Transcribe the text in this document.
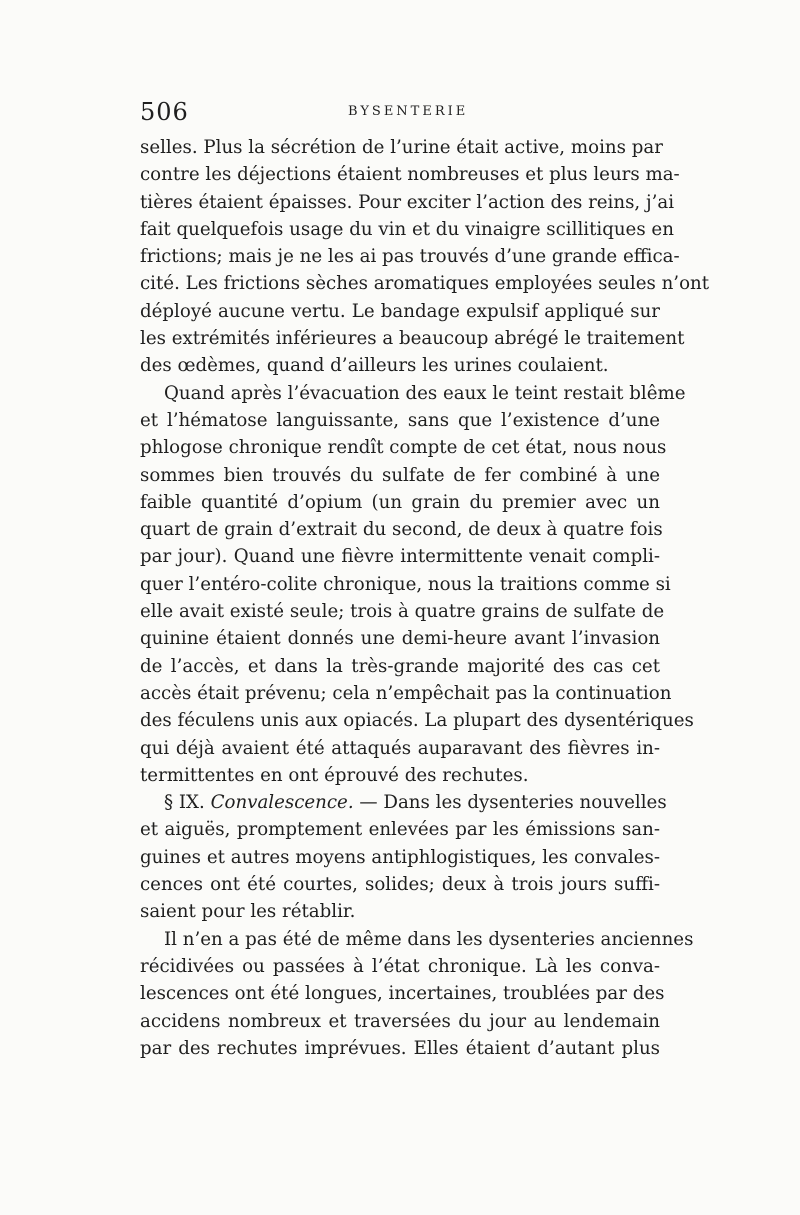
506	BYSENTERIE
selles. Plus la sécrétion de l’urine était active, moins par
contre les déjections étaient nombreuses et plus leurs ma-
tières étaient épaisses. Pour exciter l’action des reins, j’ai
fait quelquefois usage du vin et du vinaigre scillitiques en
frictions; mais je ne les ai pas trouvés d’une grande effica-
cité. Les frictions sèches aromatiques employées seules n’ont
déployé aucune vertu. Le bandage expulsif appliqué sur
les extrémités inférieures a beaucoup abrégé le traitement
des œdèmes, quand d’ailleurs les urines coulaient.
Quand après l’évacuation des eaux le teint restait blême
et l’hématose languissante, sans que l’existence d’une
phlogose chronique rendît compte de cet état, nous nous
sommes bien trouvés du sulfate de fer combiné à une
faible quantité d’opium (un grain du premier avec un
quart de grain d’extrait du second, de deux à quatre fois
par jour). Quand une fièvre intermittente venait compli-
quer l’entéro-colite chronique, nous la traitions comme si
elle avait existé seule; trois à quatre grains de sulfate de
quinine étaient donnés une demi-heure avant l’invasion
de l’accès, et dans la très-grande majorité des cas cet
accès était prévenu; cela n’empêchait pas la continuation
des féculens unis aux opiacés. La plupart des dysentériques
qui déjà avaient été attaqués auparavant des fièvres in-
termittentes en ont éprouvé des rechutes.
§ IX. Convalescence. — Dans les dysenteries nouvelles
et aiguës, promptement enlevées par les émissions san-
guines et autres moyens antiphlogistiques, les convales-
cences ont été courtes, solides; deux à trois jours suffi-
saient pour les rétablir.
Il n’en a pas été de même dans les dysenteries anciennes
récidivées ou passées à l’état chronique. Là les conva-
lescences ont été longues, incertaines, troublées par des
accidens nombreux et traversées du jour au lendemain
par des rechutes imprévues. Elles étaient d’autant plus
